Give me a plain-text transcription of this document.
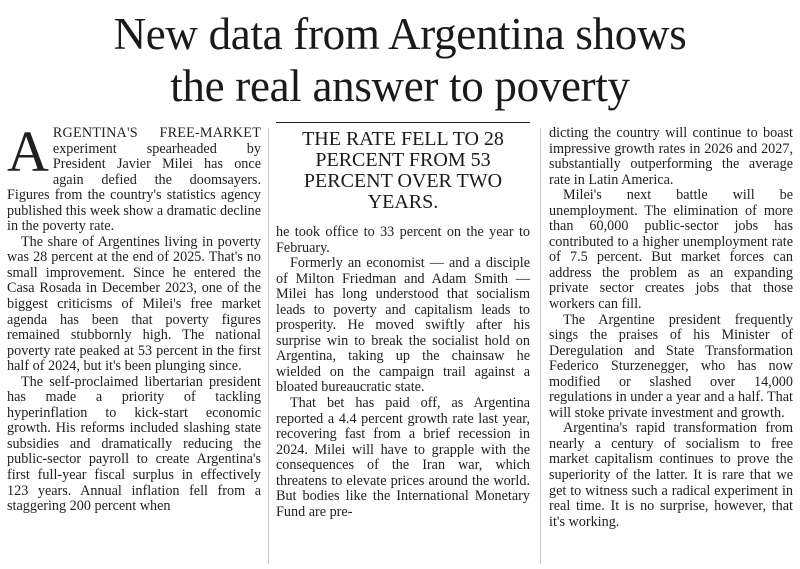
New data from Argentina shows
the real answer to poverty

ARGENTINA'S FREE-MARKET experiment spearheaded by President Javier Milei has once again defied the doomsayers. Figures from the country's statistics agency published this week show a dramatic decline in the poverty rate.

The share of Argentines living in poverty was 28 percent at the end of 2025. That's no small improvement. Since he entered the Casa Rosada in December 2023, one of the biggest criticisms of Milei's free market agenda has been that poverty figures remained stubbornly high. The national poverty rate peaked at 53 percent in the first half of 2024, but it's been plunging since.

The self-proclaimed libertarian president has made a priority of tackling hyperinflation to kick-start economic growth. His reforms included slashing state subsidies and dramatically reducing the public-sector payroll to create Argentina's first full-year fiscal surplus in effectively 123 years. Annual inflation fell from a staggering 200 percent when

THE RATE FELL TO 28 PERCENT FROM 53 PERCENT OVER TWO YEARS.

he took office to 33 percent on the year to February.

Formerly an economist — and a disciple of Milton Friedman and Adam Smith — Milei has long understood that socialism leads to poverty and capitalism leads to prosperity. He moved swiftly after his surprise win to break the socialist hold on Argentina, taking up the chainsaw he wielded on the campaign trail against a bloated bureaucratic state.

That bet has paid off, as Argentina reported a 4.4 percent growth rate last year, recovering fast from a brief recession in 2024. Milei will have to grapple with the consequences of the Iran war, which threatens to elevate prices around the world. But bodies like the International Monetary Fund are pre-

dicting the country will continue to boast impressive growth rates in 2026 and 2027, substantially outperforming the average rate in Latin America.

Milei's next battle will be unemployment. The elimination of more than 60,000 public-sector jobs has contributed to a higher unemployment rate of 7.5 percent. But market forces can address the problem as an expanding private sector creates jobs that those workers can fill.

The Argentine president frequently sings the praises of his Minister of Deregulation and State Transformation Federico Sturzenegger, who has now modified or slashed over 14,000 regulations in under a year and a half. That will stoke private investment and growth.

Argentina's rapid transformation from nearly a century of socialism to free market capitalism continues to prove the superiority of the latter. It is rare that we get to witness such a radical experiment in real time. It is no surprise, however, that it's working.
